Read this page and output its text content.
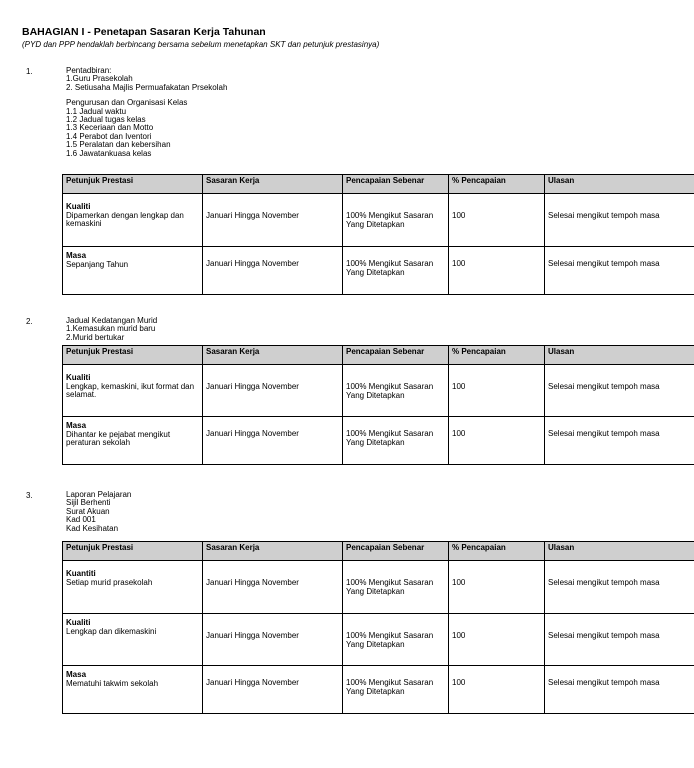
BAHAGIAN I - Penetapan Sasaran Kerja Tahunan
(PYD dan PPP hendaklah berbincang bersama sebelum menetapkan SKT dan petunjuk prestasinya)
1.	Pentadbiran:
1.Guru Prasekolah
2. Setiusaha Majlis Permuafakatan Prsekolah
Pengurusan dan Organisasi Kelas
1.1 Jadual waktu
1.2 Jadual tugas kelas
1.3 Keceriaan dan Motto
1.4 Perabot dan Iventori
1.5 Peralatan dan kebersihan
1.6 Jawatankuasa kelas
Petunjuk Prestasi	Sasaran Kerja	Pencapaian Sebenar	% Pencapaian	Ulasan

Kualiti
Dipamerkan dengan lengkap dan kemaskini	Januari Hingga November	100% Mengikut Sasaran Yang Ditetapkan	100	Selesai mengikut tempoh masa

Masa
Sepanjang Tahun	Januari Hingga November	100% Mengikut Sasaran Yang Ditetapkan	100	Selesai mengikut tempoh masa
2.	Jadual Kedatangan Murid
1.Kemasukan murid baru
2.Murid bertukar
Petunjuk Prestasi	Sasaran Kerja	Pencapaian Sebenar	% Pencapaian	Ulasan

Kualiti
Lengkap, kemaskini, ikut format dan selamat.	Januari Hingga November	100% Mengikut Sasaran Yang Ditetapkan	100	Selesai mengikut tempoh masa

Masa
Dihantar ke pejabat mengikut peraturan sekolah	Januari Hingga November	100% Mengikut Sasaran Yang Ditetapkan	100	Selesai mengikut tempoh masa
3.	Laporan Pelajaran
Sijil Berhenti
Surat Akuan
Kad 001
Kad Kesihatan
Petunjuk Prestasi	Sasaran Kerja	Pencapaian Sebenar	% Pencapaian	Ulasan

Kuantiti
Setiap murid prasekolah	Januari Hingga November	100% Mengikut Sasaran Yang Ditetapkan	100	Selesai mengikut tempoh masa

Kualiti
Lengkap dan dikemaskini	Januari Hingga November	100% Mengikut Sasaran Yang Ditetapkan	100	Selesai mengikut tempoh masa

Masa
Mematuhi takwim sekolah	Januari Hingga November	100% Mengikut Sasaran Yang Ditetapkan	100	Selesai mengikut tempoh masa
